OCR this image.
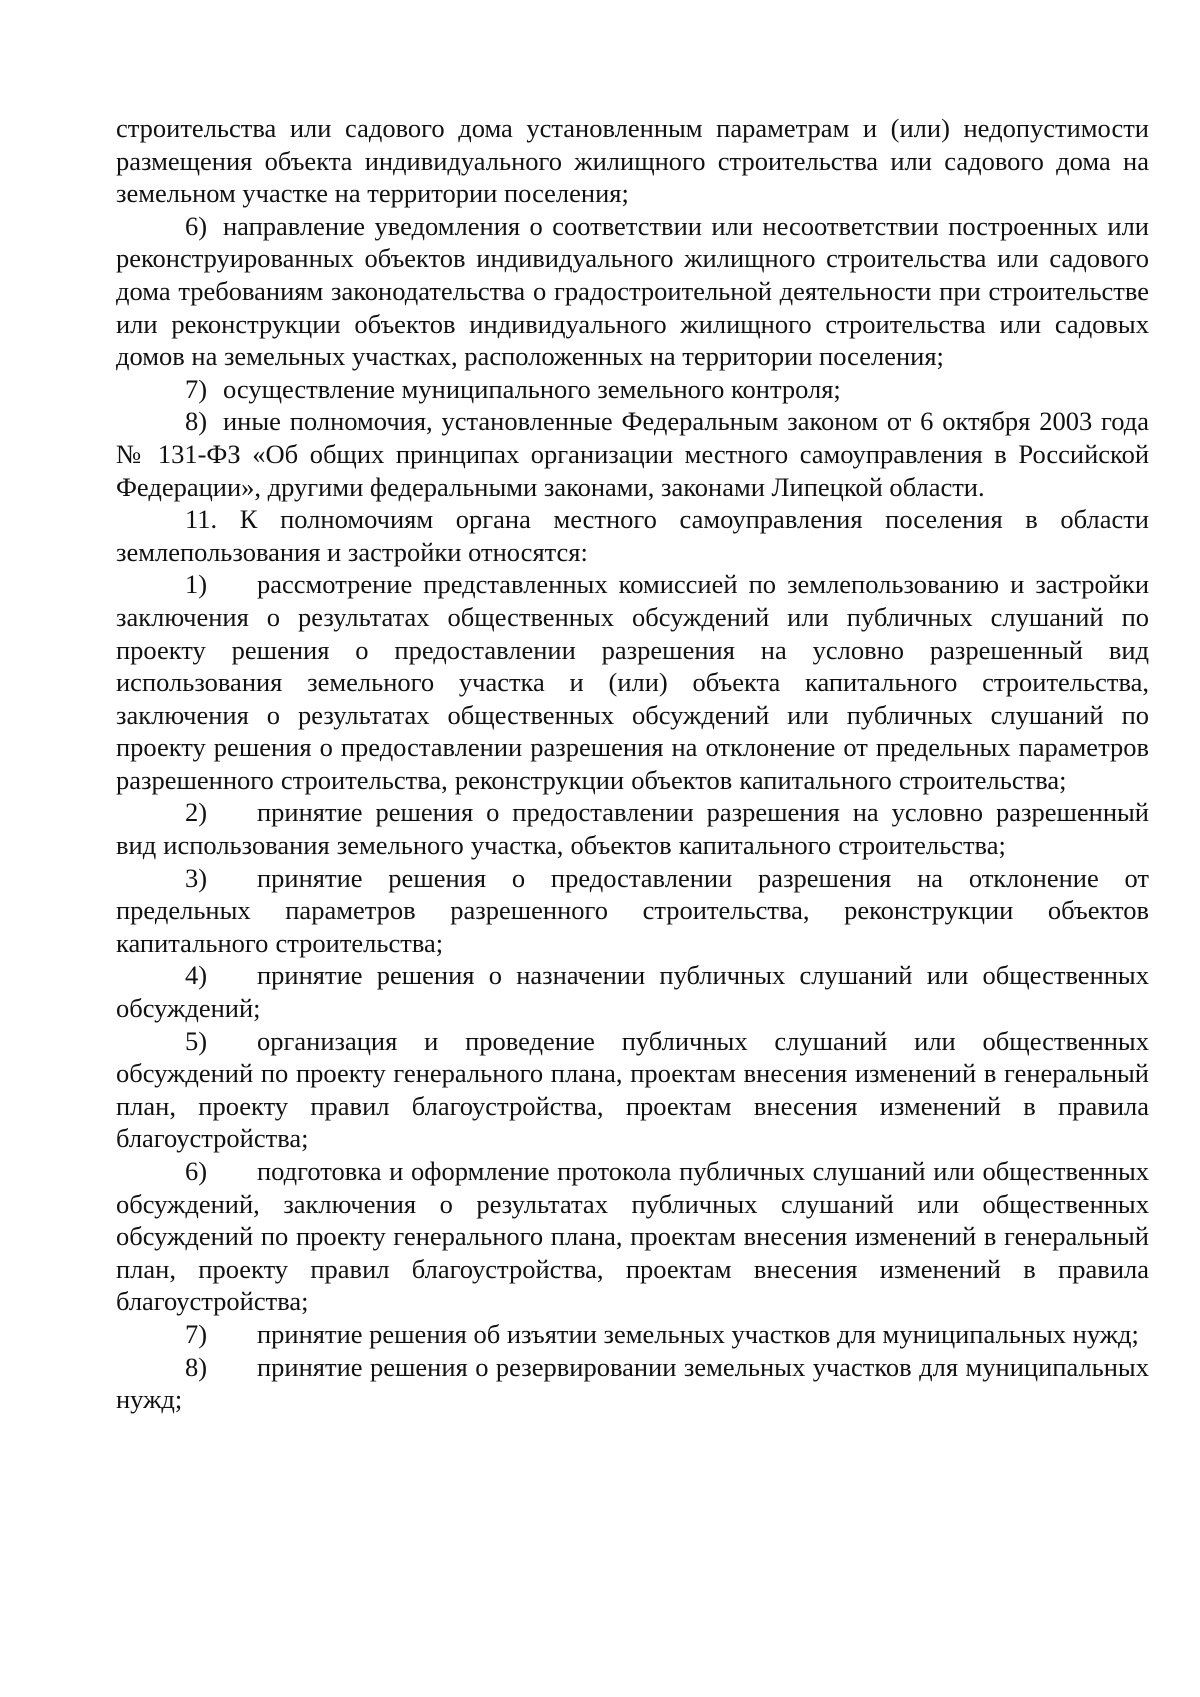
строительства или садового дома установленным параметрам и (или) недопустимости размещения объекта индивидуального жилищного строительства или садового дома на земельном участке на территории поселения;

6) направление уведомления о соответствии или несоответствии построенных или реконструированных объектов индивидуального жилищного строительства или садового дома требованиям законодательства о градостроительной деятельности при строительстве или реконструкции объектов индивидуального жилищного строительства или садовых домов на земельных участках, расположенных на территории поселения;

7) осуществление муниципального земельного контроля;

8) иные полномочия, установленные Федеральным законом от 6 октября 2003 года № 131-ФЗ «Об общих принципах организации местного самоуправления в Российской Федерации», другими федеральными законами, законами Липецкой области.

11. К полномочиям органа местного самоуправления поселения в области землепользования и застройки относятся:

1) рассмотрение представленных комиссией по землепользованию и застройки заключения о результатах общественных обсуждений или публичных слушаний по проекту решения о предоставлении разрешения на условно разрешенный вид использования земельного участка и (или) объекта капитального строительства, заключения о результатах общественных обсуждений или публичных слушаний по проекту решения о предоставлении разрешения на отклонение от предельных параметров разрешенного строительства, реконструкции объектов капитального строительства;

2) принятие решения о предоставлении разрешения на условно разрешенный вид использования земельного участка, объектов капитального строительства;

3) принятие решения о предоставлении разрешения на отклонение от предельных параметров разрешенного строительства, реконструкции объектов капитального строительства;

4) принятие решения о назначении публичных слушаний или общественных обсуждений;

5) организация и проведение публичных слушаний или общественных обсуждений по проекту генерального плана, проектам внесения изменений в генеральный план, проекту правил благоустройства, проектам внесения изменений в правила благоустройства;

6) подготовка и оформление протокола публичных слушаний или общественных обсуждений, заключения о результатах публичных слушаний или общественных обсуждений по проекту генерального плана, проектам внесения изменений в генеральный план, проекту правил благоустройства, проектам внесения изменений в правила благоустройства;

7) принятие решения об изъятии земельных участков для муниципальных нужд;

8) принятие решения о резервировании земельных участков для муниципальных нужд;
